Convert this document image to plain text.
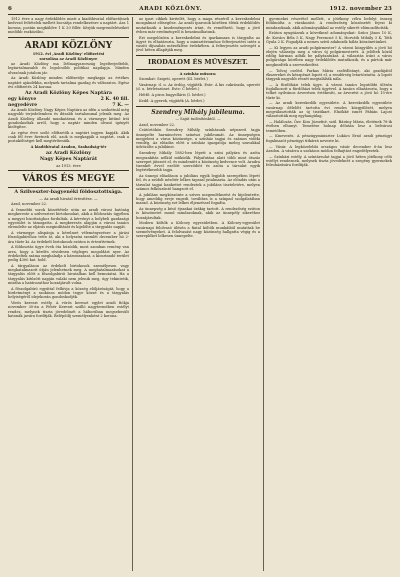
6	ARADI KÖZLÖNY.	1912. november 23

1912 évre a nagy érdeklődés miatt a kiadóhivatal előfizetőinek kedvező feltételek mellett bocsátja rendelkezésre a naptárt. Ára 1 korona, postán megküldve 1 K 20 fillér. Kérjük megrendeléseiket mielőbb eszközölni.

ARADI KÖZLÖNY
1912. évi ,Aradi Közlöny' előfizetési
sorsolása az Aradi Közlönyre

az Aradi Közlöny ma Délmagyarország legelterjedtebb, legtartalmasabb és legolcsóbb politikai napilapja. Minden olvasónak jutalom jár.

Az Aradi Közlöny minden előfizetője megkapja az értékes naptárt ajándékba, melynek tartalma gazdag és változatos. Egész évi előfizetés 24 korona.

Az Aradi Közlöny Képes Naptára
egy könyve	2 K. 40 fill.
negyedévre	7 K. —

Az Aradi Közlöny Nagy Képes Naptára az idén a szokottnál még nagyobb terjedelemben és dúsabb tartalommal jelenik meg. Az Aradi Közlöny állandó munkatársai és a vármegye kitűnő írói gondoskodtak arról, hogy a naptár minden olvasó igényét kielégítse.

Az egész évre szóló előfizetők a naptárt ingyen kapják. Akik csak fél évre fizetnek elő, azok is megkapják a naptárt, csak a postaköltséget kell megtéríteniük.

A kiadóhivatal Aradon, Szabadság-tér
az Aradi Közlöny
Nagy Képes Naptárát
az 1913. évre
VÁROS ÉS MEGYE
A Szilveszter-bagyenéki földosztottsága.
— Az aradi hivatal értesítése. —

Arad, november 22.

A fennebbi sorok közzététele után az aradi városi hatóság megkereste a szilveszteri birtokosokat, akik a földosztás ügyében a megyei bizottsághoz fordultak. A kérvényt a helybeli gazdasági egyesület is támogatta. A megkeresés alapján a városi tanács elrendelte az eljárás megindítását és kijelölte a tárgyalás napját.

A vármegye alispánja a kérelmet véleményezésre a járási főszolgabíróhoz tette át, aki a helyszíni szemlét december hó 2-ára tűzte ki. Az érdekelt birtokosok ezúton is értesíttetnek.

A földosztás ügye évek óta húzódik, most azonban remény van arra, hogy a kérdés rövidesen végleges megoldást nyer. Az érdekeltek száma meghaladja a háromszázat, a kiosztandó terület pedig 4300 kat. hold.

A tárgyaláson az érdekelt birtokosok személyesen vagy meghatalmazott útján jelenhetnek meg. A meghatalmazásokat a tárgyalás előtt a főszolgabírói hivatalban kell bemutatni. Ha a tárgyalás kitűzött napján valaki nem jelenik meg, úgy tekintetik, mintha a határozathoz hozzájárult volna.

A főszolgabíró egyúttal felhívja a község elöljáróságát, hogy a hirdetményt a szokásos módon tegye közzé és a tárgyalás helyiségéről idejekorán gondoskodjék.

Vörös kereszt estély. A vörös kereszt egylet aradi fiókja november 30-án a Fehér Kereszt szálló nagytermében estélyt rendez, melynek tiszta jövedelmét a háborúban megsebesült katonák javára fordítják. Belépődíj személyenként 2 korona.

az ipari cikkek kivitelét, hogy a maga részéről a kereskedelmi mozgalmat elősegítse. Az aradi iparosok körében élénk érdeklődés mutatkozik a kezdeményezés iránt, és remélhető, hogy a jövő évben már eredményről is beszámolhatunk.

Ezt megelőzően a kereskedelmi és iparkamara is tárgyalta az ügyet és elhatározta, hogy a minisztériumhoz felterjesztést intéz a vasúti díjszabás mérséklése érdekében. A felterjesztés szövegét a jövő héten állapítják meg.

IRODALOM ÉS MŰVÉSZET.
A színház műsora:

Szombat: Szigeti, operett (III. bérlet.)

Vasárnap: d. u. Az ördög, vígjáték. Este: A kis cukrászda, operett (d. u. bérletszünet. Este: C bérlet.)

Hétfő: A piros bugyelláris (I. bérlet.)

Kedd: A gyerek, vígjáték (A. bérlet.)

Szendrey Mihály jubileuma.
— Saját tudósítónktól. —

Arad, november 22.

Csütörtökön Szendrey Mihály, színházunk népszerű tagja ünnepelte harmincéves színészi jubileumát. Az ünnepségen megjelent a város közönsége, a színház tagjai és számos vidéki vendég. Az előadás előtt a színház igazgatója meleg szavakkal üdvözölte a jubilánst.

Szendrey Mihály 1882-ben lépett a színi pályára és azóta megszakítás nélkül működik. Pályafutása alatt több mint ötszáz szerepet játszott el, és mindenütt a közönség kedvence volt. Aradra tizenkét évvel ezelőtt szerződött és azóta a társulat egyik legértékesebb tagja.

Az ünnepi előadáson a jubiláns egyik legjobb szerepében lépett fel, és a zsúfolt nézőtér lelkes tapssal jutalmazta. Az előadás után a társulat tagjai bankettet rendeztek a jubiláns tiszteletére, melyen számos felköszöntő hangzott el.

A jubiláns megköszönte a szíves megemlékezést és kijelentette, hogy ameddig ereje engedi, továbbra is a színpad szolgálatában marad. A közönség ezt lelkes éljenzéssel fogadta.

Az ünnepség a késő éjszakai órákig tartott. A rendezőség ezúton is köszönetet mond mindazoknak, akik az ünnepély sikeréhez hozzájárultak.

Modern költők a Kölcsey egyesületben. A Kölcsey-egyesület vasárnapi felolvasó ülésén a fiatal költők munkáiból mutattak be szemelvényeket. A felolvasást nagy közönség hallgatta végig és a szereplőket lelkesen ünnepelte.

gyermekei részvétel mellett, a jótékony célra befolyt összeg felülmúlta a várakozást. A rendezőség köszönetét fejezi ki mindazoknak, akik adományaikkal az estély sikerét előmozdították.

Ezúton nyugtázzuk a következő adományokat: Szűcs János 10 K, dr. Kovács Béla 5 K, Nagy Ferencné 5 K, Horváth Mihály 3 K, Tóth Gyula 2 K. Fogadják a nemes szívű adakozók hálás köszönetünket.

— Ki legyen az aradi polgármester? A városi közgyűlés a jövő hó elején választja meg a város új polgármesterét. A jelöltek közül eddig hárman adták be pályázatukat. A választás iránt a város polgársága körében nagy érdeklődés mutatkozik, és a pártok már megkezdték a szervezkedést.

— Tolvaj cseléd. Farkas Mária cselédleányt, aki gazdájától ékszereket és készpénzt lopott el, a rendőrség letartóztatta. A lopott tárgyak nagyobb részét megtalálták nála.

— A fürdőházi telek ügye. A városi tanács legutóbbi ülésén foglalkozott a fürdőházi telek ügyével. A tanács elhatározta, hogy a telket nyilvános árverésen értékesíti, az árverést a jövő hó 15-ére tűzte ki.

— Az aradi kereskedők egyesülete. A kereskedők egyesülete vasárnap délelőtt tartotta évi rendes közgyűlését, melyen megválasztották az új tisztikart. Elnökké ismét Fábián Lajost választották meg egyhangúlag.

— Halálozás. Özv. Kiss Józsefné, szül. Bárány Mária, életének 78-ik évében elhunyt. Temetése holnap délután lesz a belvárosi temetőben.

— Kinevezés. A pénzügyminiszter Lukács Ernő aradi pénzügyi fogalmazót pénzügyi titkárrá nevezte ki.

— Vásár. A legközelebbi országos vásár december 6-án lesz Aradon. A vásárra a szokásos módon felhajtást engedélyeztek.

— Színházi estély. A színtársulat tagjai a jövő héten jótékony célú estélyt rendeznek, melynek tiszta jövedelmét a szegény gyermekek felruházására fordítják.
